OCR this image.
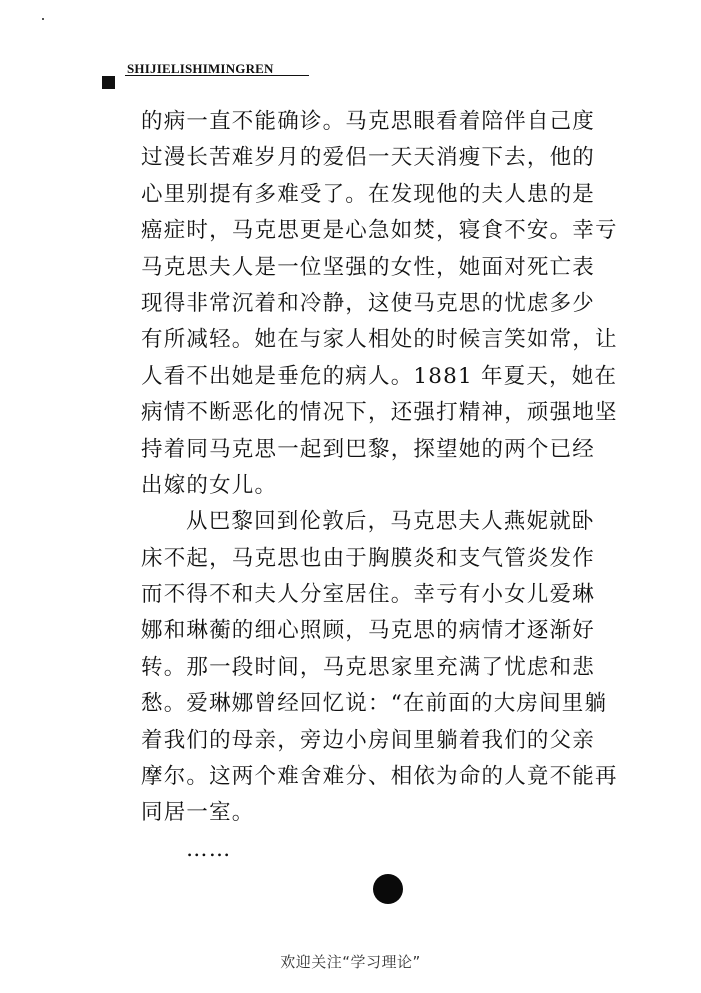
SHIJIELISHIMINGREN
的病一直不能确诊。马克思眼看着陪伴自己度
过漫长苦难岁月的爱侣一天天消瘦下去，他的
心里别提有多难受了。在发现他的夫人患的是
癌症时，马克思更是心急如焚，寝食不安。幸亏
马克思夫人是一位坚强的女性，她面对死亡表
现得非常沉着和冷静，这使马克思的忧虑多少
有所减轻。她在与家人相处的时候言笑如常，让
人看不出她是垂危的病人。1881 年夏天，她在
病情不断恶化的情况下，还强打精神，顽强地坚
持着同马克思一起到巴黎，探望她的两个已经
出嫁的女儿。
从巴黎回到伦敦后，马克思夫人燕妮就卧
床不起，马克思也由于胸膜炎和支气管炎发作
而不得不和夫人分室居住。幸亏有小女儿爱琳
娜和琳蘅的细心照顾，马克思的病情才逐渐好
转。那一段时间，马克思家里充满了忧虑和悲
愁。爱琳娜曾经回忆说：“在前面的大房间里躺
着我们的母亲，旁边小房间里躺着我们的父亲
摩尔。这两个难舍难分、相依为命的人竟不能再
同居一室。
……
欢迎关注“学习理论”
